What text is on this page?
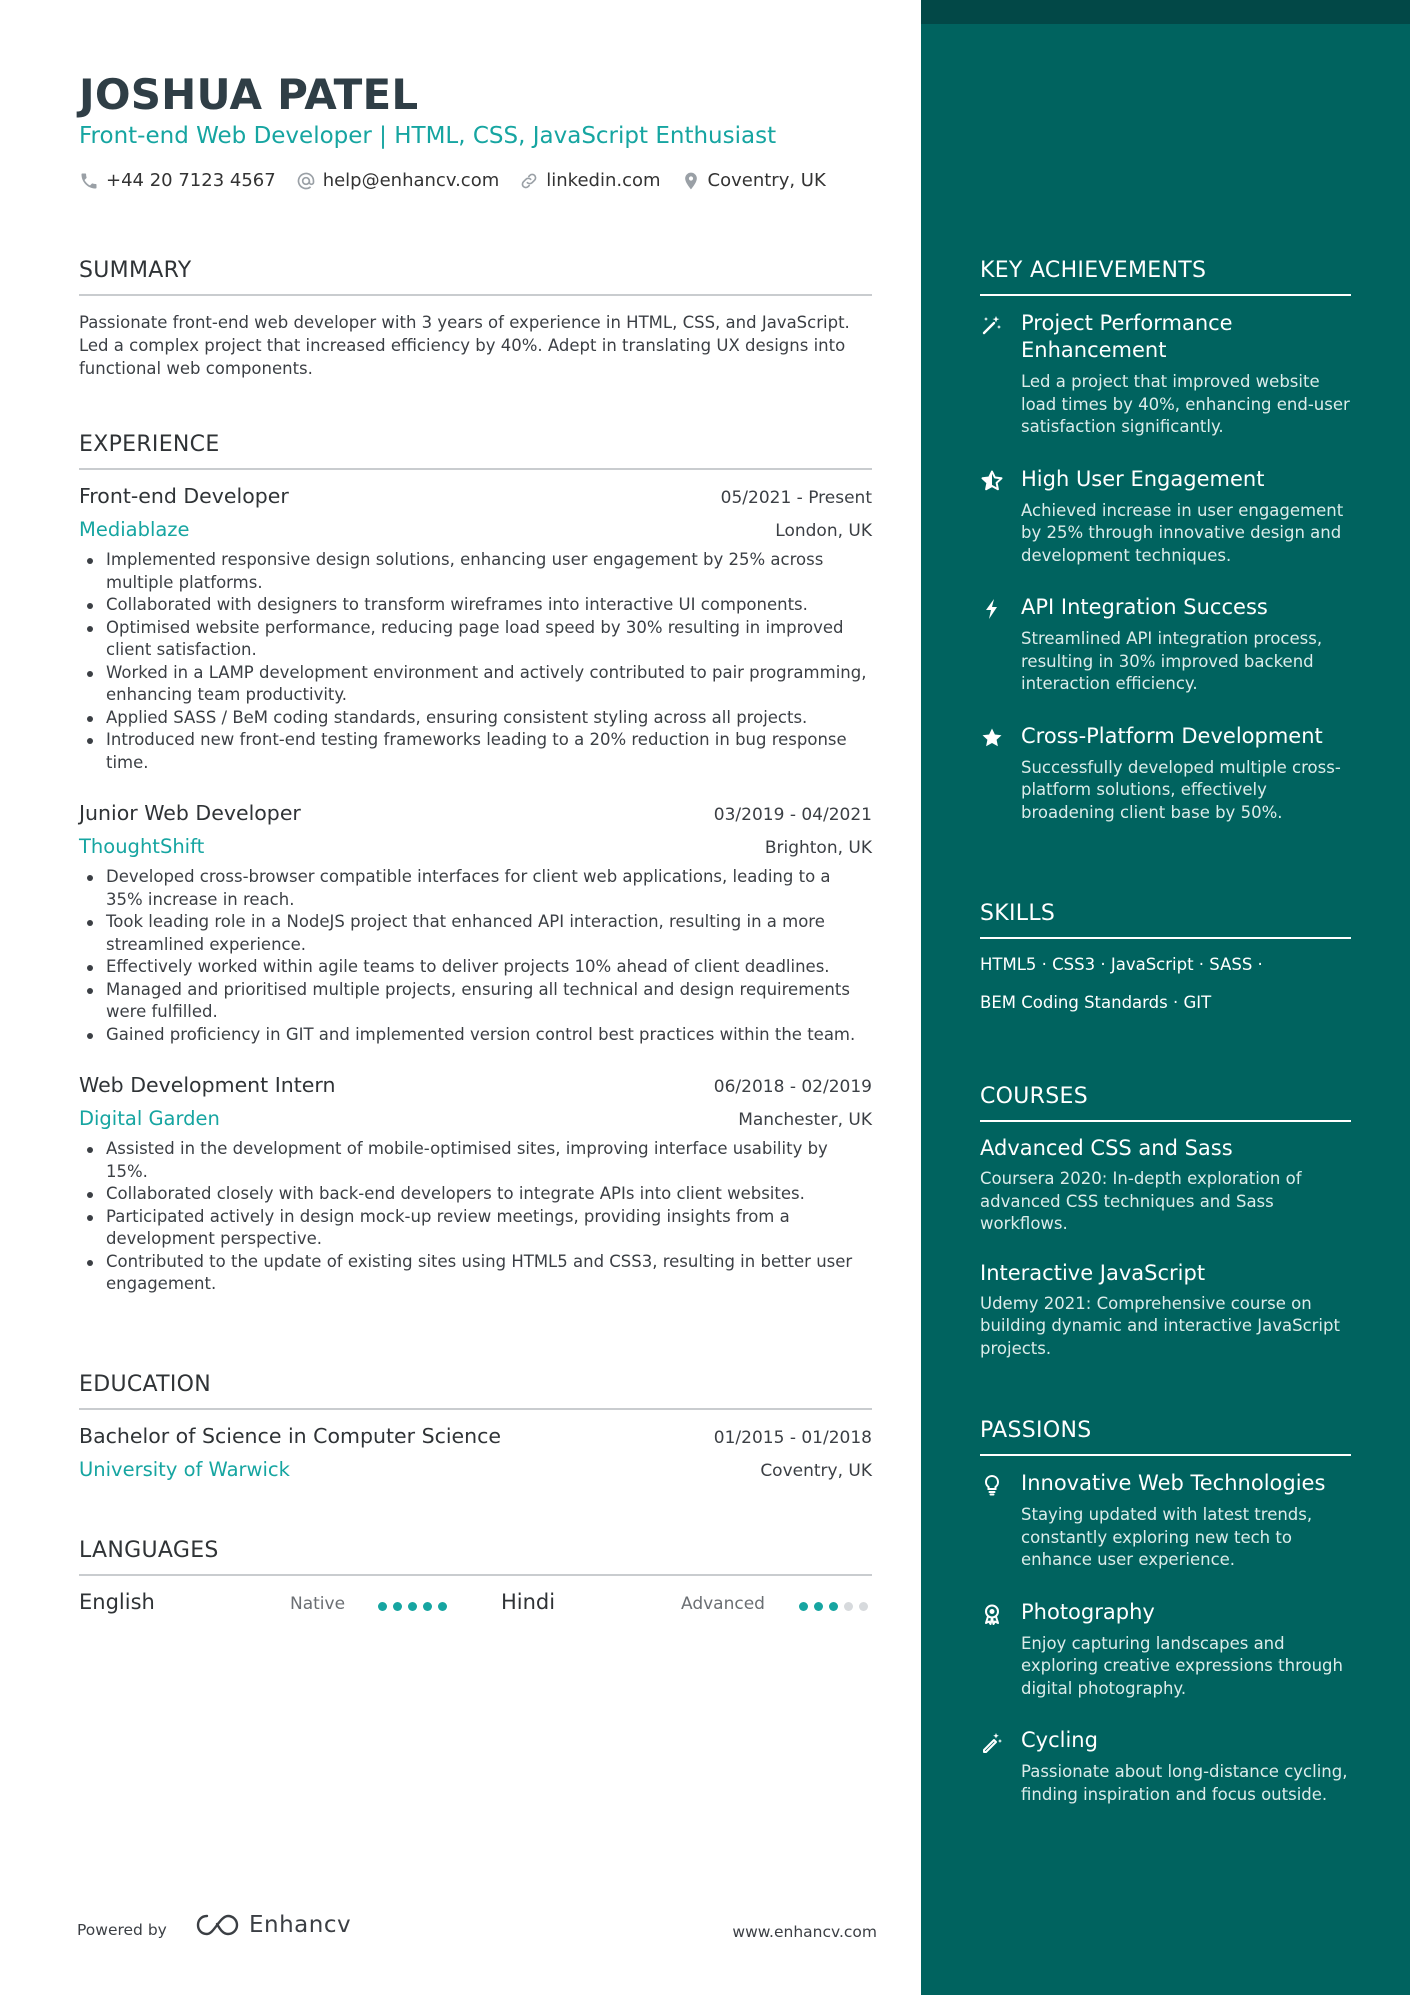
JOSHUA PATEL
Front-end Web Developer | HTML, CSS, JavaScript Enthusiast
+44 20 7123 4567	help@enhancv.com	linkedin.com	Coventry, UK
SUMMARY
Passionate front-end web developer with 3 years of experience in HTML, CSS, and JavaScript. Led a complex project that increased efficiency by 40%. Adept in translating UX designs into functional web components.
EXPERIENCE
Front-end Developer	05/2021 - Present
Mediablaze	London, UK
Implemented responsive design solutions, enhancing user engagement by 25% across multiple platforms.
Collaborated with designers to transform wireframes into interactive UI components.
Optimised website performance, reducing page load speed by 30% resulting in improved client satisfaction.
Worked in a LAMP development environment and actively contributed to pair programming, enhancing team productivity.
Applied SASS / BeM coding standards, ensuring consistent styling across all projects.
Introduced new front-end testing frameworks leading to a 20% reduction in bug response time.
Junior Web Developer	03/2019 - 04/2021
ThoughtShift	Brighton, UK
Developed cross-browser compatible interfaces for client web applications, leading to a 35% increase in reach.
Took leading role in a NodeJS project that enhanced API interaction, resulting in a more streamlined experience.
Effectively worked within agile teams to deliver projects 10% ahead of client deadlines.
Managed and prioritised multiple projects, ensuring all technical and design requirements were fulfilled.
Gained proficiency in GIT and implemented version control best practices within the team.
Web Development Intern	06/2018 - 02/2019
Digital Garden	Manchester, UK
Assisted in the development of mobile-optimised sites, improving interface usability by 15%.
Collaborated closely with back-end developers to integrate APIs into client websites.
Participated actively in design mock-up review meetings, providing insights from a development perspective.
Contributed to the update of existing sites using HTML5 and CSS3, resulting in better user engagement.
EDUCATION
Bachelor of Science in Computer Science	01/2015 - 01/2018
University of Warwick	Coventry, UK
LANGUAGES
English	Native	Hindi	Advanced
Powered by	Enhancv	www.enhancv.com
KEY ACHIEVEMENTS
Project Performance Enhancement
Led a project that improved website load times by 40%, enhancing end-user satisfaction significantly.
High User Engagement
Achieved increase in user engagement by 25% through innovative design and development techniques.
API Integration Success
Streamlined API integration process, resulting in 30% improved backend interaction efficiency.
Cross-Platform Development
Successfully developed multiple cross-platform solutions, effectively broadening client base by 50%.
SKILLS
HTML5 · CSS3 · JavaScript · SASS ·
BEM Coding Standards · GIT
COURSES
Advanced CSS and Sass
Coursera 2020: In-depth exploration of advanced CSS techniques and Sass workflows.
Interactive JavaScript
Udemy 2021: Comprehensive course on building dynamic and interactive JavaScript projects.
PASSIONS
Innovative Web Technologies
Staying updated with latest trends, constantly exploring new tech to enhance user experience.
Photography
Enjoy capturing landscapes and exploring creative expressions through digital photography.
Cycling
Passionate about long-distance cycling, finding inspiration and focus outside.
